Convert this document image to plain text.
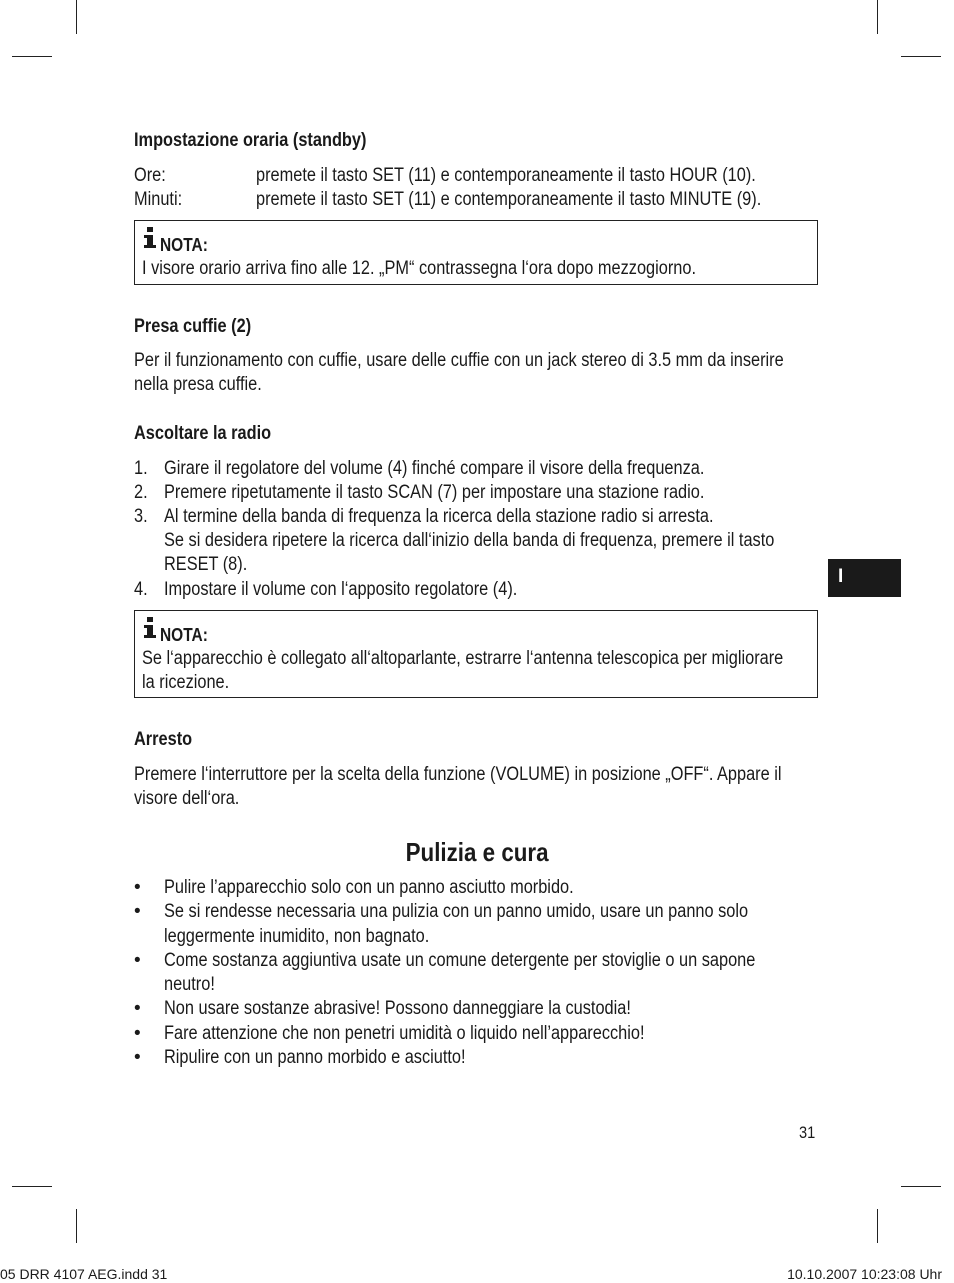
Impostazione oraria (standby)
Ore:	premete il tasto SET (11) e contemporaneamente il tasto HOUR (10).
Minuti:	premete il tasto SET (11) e contemporaneamente il tasto MINUTE (9).
NOTA:
I visore orario arriva fino alle 12. „PM“ contrassegna l‘ora dopo mezzogiorno.
Presa cuffie (2)
Per il funzionamento con cuffie, usare delle cuffie con un jack stereo di 3.5 mm da inserire
nella presa cuffie.
Ascoltare la radio
1. Girare il regolatore del volume (4) finché compare il visore della frequenza.
2. Premere ripetutamente il tasto SCAN (7) per impostare una stazione radio.
3. Al termine della banda di frequenza la ricerca della stazione radio si arresta.
Se si desidera ripetere la ricerca dall‘inizio della banda di frequenza, premere il tasto
RESET (8).
4. Impostare il volume con l‘apposito regolatore (4).
I
NOTA:
Se l‘apparecchio è collegato all‘altoparlante, estrarre l‘antenna telescopica per migliorare
la ricezione.
Arresto
Premere l‘interruttore per la scelta della funzione (VOLUME) in posizione „OFF“. Appare il
visore dell‘ora.
Pulizia e cura
• Pulire l’apparecchio solo con un panno asciutto morbido.
• Se si rendesse necessaria una pulizia con un panno umido, usare un panno solo
leggermente inumidito, non bagnato.
• Come sostanza aggiuntiva usate un comune detergente per stoviglie o un sapone
neutro!
• Non usare sostanze abrasive! Possono danneggiare la custodia!
• Fare attenzione che non penetri umidità o liquido nell’apparecchio!
• Ripulire con un panno morbido e asciutto!
31
05 DRR 4107 AEG.indd 31	10.10.2007 10:23:08 Uhr
